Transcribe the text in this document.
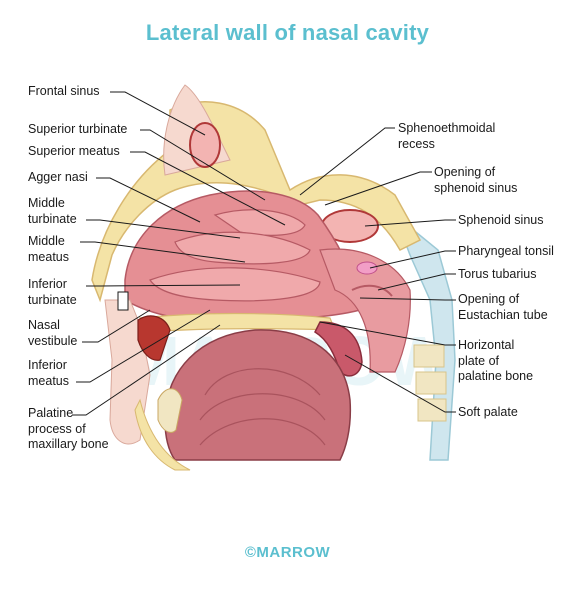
Lateral wall of nasal cavity
Frontal sinus
Superior turbinate
Superior meatus
Agger nasi
Middle
turbinate
Middle
meatus
Inferior
turbinate
Nasal
vestibule
Inferior
meatus
Palatine
process of
maxillary bone
Sphenoethmoidal
recess
Opening of
sphenoid sinus
Sphenoid sinus
Pharyngeal tonsil
Torus tubarius
Opening of
Eustachian tube
Horizontal
plate of
palatine bone
Soft palate
©MARROW
